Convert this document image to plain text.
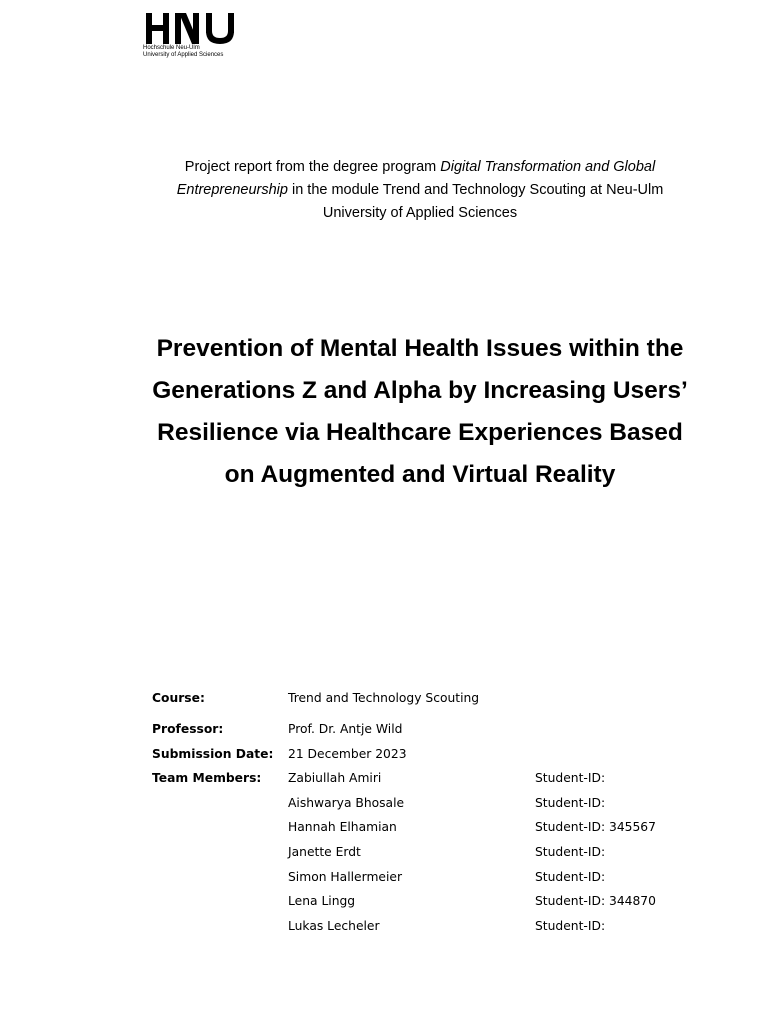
Hochschule Neu-Ulm
University of Applied Sciences
Project report from the degree program Digital Transformation and Global Entrepreneurship in the module Trend and Technology Scouting at Neu-Ulm University of Applied Sciences
Prevention of Mental Health Issues within the Generations Z and Alpha by Increasing Users’ Resilience via Healthcare Experiences Based on Augmented and Virtual Reality
Course:	Trend and Technology Scouting
Professor:	Prof. Dr. Antje Wild
Submission Date: 21 December 2023
Team Members: Zabiullah Amiri	Student-ID:
Aishwarya Bhosale	Student-ID:
Hannah Elhamian	Student-ID: 345567
Janette Erdt	Student-ID:
Simon Hallermeier	Student-ID:
Lena Lingg	Student-ID: 344870
Lukas Lecheler	Student-ID:
